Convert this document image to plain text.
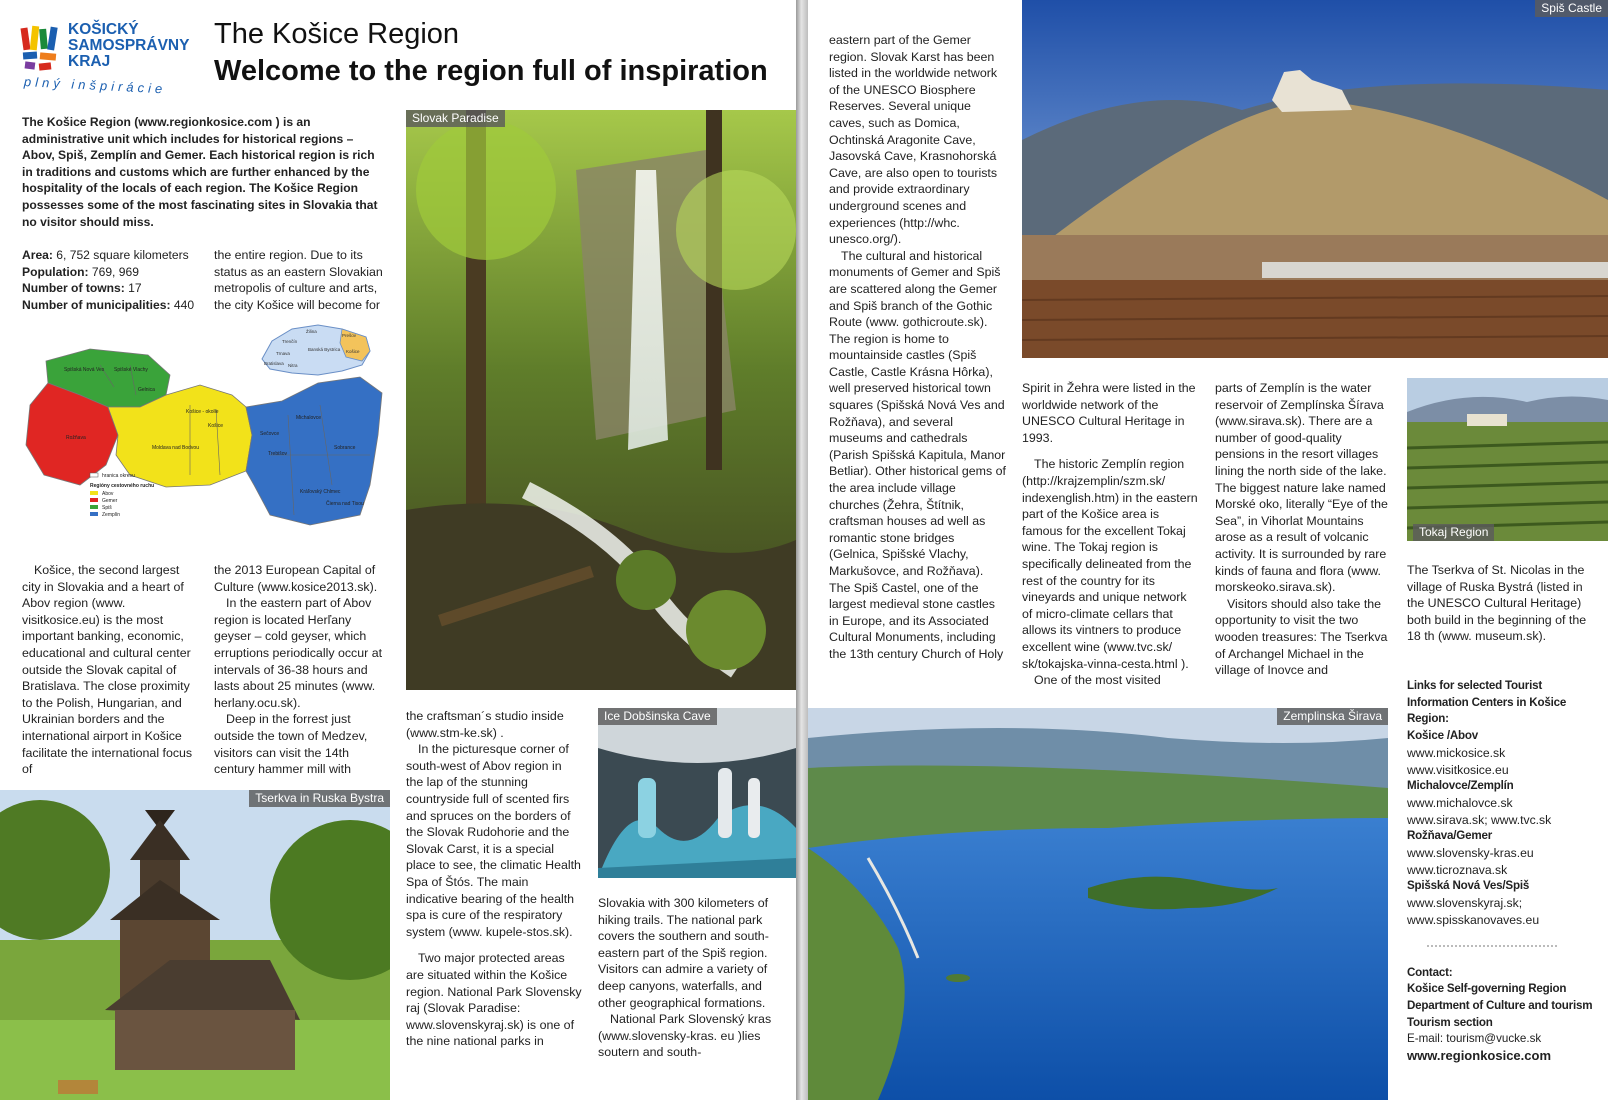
KOŠICKÝ
SAMOSPRÁVNY
KRAJ
plný inšpirácie
The Košice Region
Welcome to the region full of inspiration

The Košice Region (www.regionkosice.com ) is an administrative unit which includes for historical regions – Abov, Spiš, Zemplín and Gemer. Each historical region is rich in traditions and customs which are further enhanced by the hospitality of the locals of each region. The Košice Region possesses some of the most fascinating sites in Slovakia that no visitor should miss.

Area: 6, 752 square kilometers
Population: 769, 969
Number of towns: 17
Number of municipalities: 440

the entire region. Due to its status as an eastern Slovakian metropolis of culture and arts, the city Košice will become for

Spišská Nová Ves Spišské Vlachy
Gelnica
Rožňava
Košice - okolie
Košice
Moldava nad Bodvou
Michalovce
Sobrance
Trebišov
Kráľovský Chlmec
Čierna nad Tisou
Sečovce
hranica okresu
Regióny cestovného ruchu
Abov
Gemer
Spiš
Zemplín
Žilina
Trenčín
Prešov
Banská Bystrica
Bratislava
Trnava
Nitra
Košice

Košice, the second largest city in Slovakia and a heart of Abov region (www. visitkosice.eu) is the most important banking, economic, educational and cultural center outside the Slovak capital of Bratislava. The close proximity to the Polish, Hungarian, and Ukrainian borders and the international airport in Košice facilitate the international focus of

the 2013 European Capital of Culture (www.kosice2013.sk).

In the eastern part of Abov region is located Herľany geyser – cold geyser, which erruptions periodically occur at intervals of 36-38 hours and lasts about 25 minutes (www. herlany.ocu.sk).

Deep in the forrest just outside the town of Medzev, visitors can visit the 14th century hammer mill with

Slovak Paradise
Tserkva in Ruska Bystra

the craftsman´s studio inside (www.stm-ke.sk) .

In the picturesque corner of south-west of Abov region in the lap of the stunning countryside full of scented firs and spruces on the borders of the Slovak Rudohorie and the Slovak Carst, it is a special place to see, the climatic Health Spa of Štós. The main indicative bearing of the health spa is cure of the respiratory system (www. kupele-stos.sk).

Two major protected areas are situated within the Košice region. National Park Slovensky raj (Slovak Paradise: www.slovenskyraj.sk) is one of the nine national parks in

Ice Dobšinska Cave

Slovakia with 300 kilometers of hiking trails. The national park covers the southern and south-eastern part of the Spiš region. Visitors can admire a variety of deep canyons, waterfalls, and other geographical formations.

National Park Slovenský kras (www.slovensky-kras. eu )lies soutern and south-

eastern part of the Gemer region. Slovak Karst has been listed in the worldwide network of the UNESCO Biosphere Reserves. Several unique caves, such as Domica, Ochtinská Aragonite Cave, Jasovská Cave, Krasnohorská Cave, are also open to tourists and provide extraordinary underground scenes and experiences (http://whc. unesco.org/).

The cultural and historical monuments of Gemer and Spiš are scattered along the Gemer and Spiš branch of the Gothic Route (www. gothicroute.sk). The region is home to mountainside castles (Spiš Castle, Castle Krásna Hôrka), well preserved historical town squares (Spišská Nová Ves and Rožňava), and several museums and cathedrals (Parish Spišská Kapitula, Manor Betliar). Other historical gems of the area include village churches (Žehra, Štítnik, craftsman houses ad well as romantic stone bridges (Gelnica, Spišské Vlachy, Markušovce, and Rožňava). The Spiš Castel, one of the largest medieval stone castles in Europe, and its Associated Cultural Monuments, including the 13th century Church of Holy

Spiš Castle

Spirit in Žehra were listed in the worldwide network of the UNESCO Cultural Heritage in 1993.

The historic Zemplín region (http://krajzemplin/szm.sk/ indexenglish.htm) in the eastern part of the Košice area is famous for the excellent Tokaj wine. The Tokaj region is specifically delineated from the rest of the country for its vineyards and unique network of micro-climate cellars that allows its vintners to produce excellent wine (www.tvc.sk/ sk/tokajska-vinna-cesta.html ).

One of the most visited

parts of Zemplín is the water reservoir of Zemplínska Šírava (www.sirava.sk). There are a number of good-quality pensions in the resort villages lining the north side of the lake. The biggest nature lake named Morské oko, literally “Eye of the Sea”, in Vihorlat Mountains arose as a result of volcanic activity. It is surrounded by rare kinds of fauna and flora (www. morskeoko.sirava.sk).

Visitors should also take the opportunity to visit the two wooden treasures: The Tserkva of Archangel Michael in the village of Inovce and

Tokaj Region

The Tserkva of St. Nicolas in the village of Ruska Bystrá (listed in the UNESCO Cultural Heritage) both build in the beginning of the 18 th (www. museum.sk).

Zemplinska Širava
Links for selected Tourist Information Centers in Košice Region:
Košice /Abov
www.mickosice.sk
www.visitkosice.eu
Michalovce/Zemplín
www.michalovce.sk
www.sirava.sk; www.tvc.sk
Rožňava/Gemer
www.slovensky-kras.eu
www.ticroznava.sk
Spišská Nová Ves/Spiš
www.slovenskyraj.sk;
www.spisskanovaves.eu
Contact:
Košice Self-governing Region
Department of Culture and tourism
Tourism section
E-mail: tourism@vucke.sk
www.regionkosice.com
